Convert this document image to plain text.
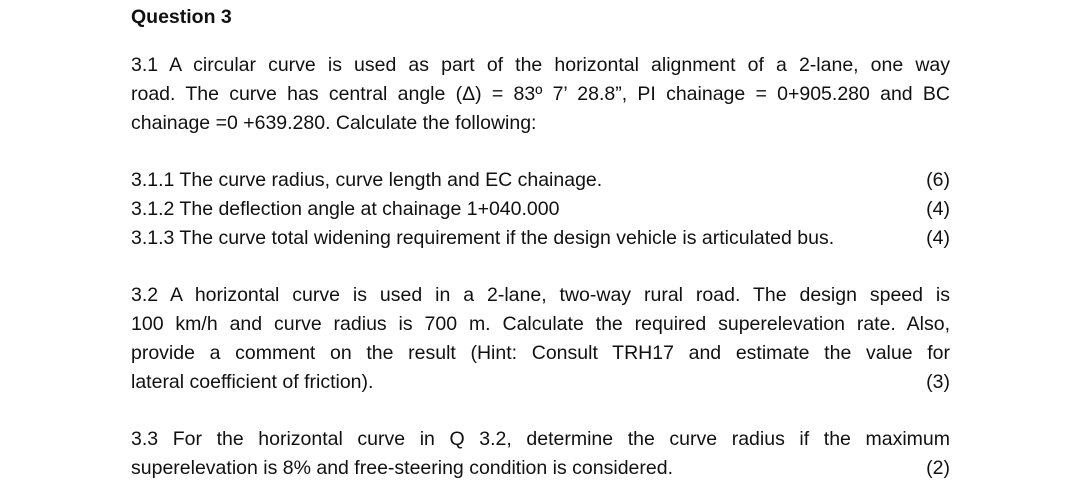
Question 3

3.1 A circular curve is used as part of the horizontal alignment of a 2-lane, one way
road. The curve has central angle (Δ) = 83º 7’ 28.8”, PI chainage = 0+905.280 and BC
chainage =0 +639.280. Calculate the following:

3.1.1 The curve radius, curve length and EC chainage.	(6)
3.1.2 The deflection angle at chainage 1+040.000	(4)
3.1.3 The curve total widening requirement if the design vehicle is articulated bus.	(4)

3.2 A horizontal curve is used in a 2-lane, two-way rural road. The design speed is
100 km/h and curve radius is 700 m. Calculate the required superelevation rate. Also,
provide a comment on the result (Hint: Consult TRH17 and estimate the value for

lateral coefficient of friction).	(3)

3.3 For the horizontal curve in Q 3.2, determine the curve radius if the maximum

superelevation is 8% and free-steering condition is considered.	(2)
